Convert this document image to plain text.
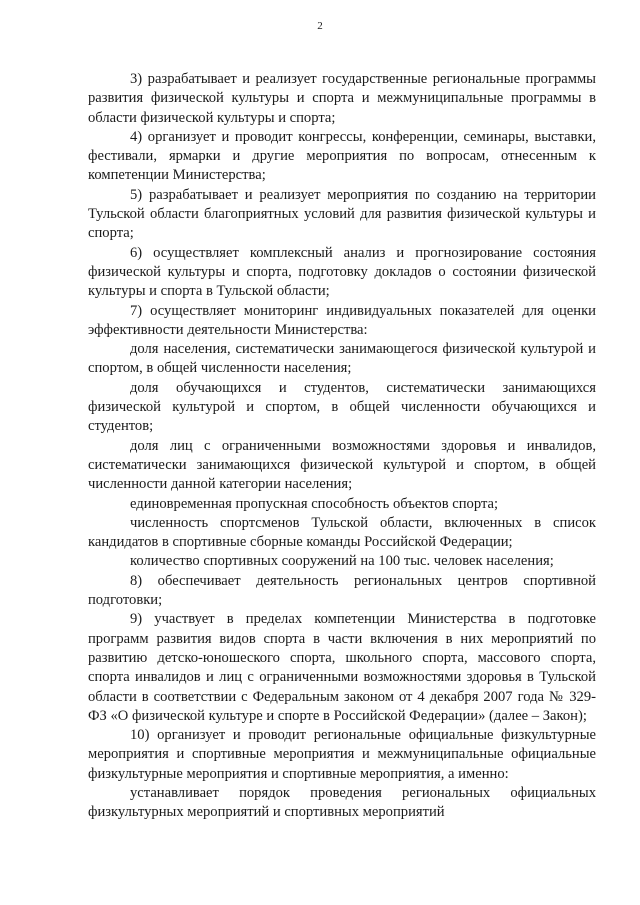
2

3) разрабатывает и реализует государственные региональные программы развития физической культуры и спорта и межмуниципальные программы в области физической культуры и спорта;

4) организует и проводит конгрессы, конференции, семинары, выставки, фестивали, ярмарки и другие мероприятия по вопросам, отнесенным к компетенции Министерства;

5) разрабатывает и реализует мероприятия по созданию на территории Тульской области благоприятных условий для развития физической культуры и спорта;

6) осуществляет комплексный анализ и прогнозирование состояния физической культуры и спорта, подготовку докладов о состоянии физической культуры и спорта в Тульской области;

7) осуществляет мониторинг индивидуальных показателей для оценки эффективности деятельности Министерства:

доля населения, систематически занимающегося физической культурой и спортом, в общей численности населения;

доля обучающихся и студентов, систематически занимающихся физической культурой и спортом, в общей численности обучающихся и студентов;

доля лиц с ограниченными возможностями здоровья и инвалидов, систематически занимающихся физической культурой и спортом, в общей численности данной категории населения;

единовременная пропускная способность объектов спорта;

численность спортсменов Тульской области, включенных в список кандидатов в спортивные сборные команды Российской Федерации;

количество спортивных сооружений на 100 тыс. человек населения;

8) обеспечивает деятельность региональных центров спортивной подготовки;

9) участвует в пределах компетенции Министерства в подготовке программ развития видов спорта в части включения в них мероприятий по развитию детско-юношеского спорта, школьного спорта, массового спорта, спорта инвалидов и лиц с ограниченными возможностями здоровья в Тульской области в соответствии с Федеральным законом от 4 декабря 2007 года № 329-ФЗ «О физической культуре и спорте в Российской Федерации» (далее – Закон);

10) организует и проводит региональные официальные физкультурные мероприятия и спортивные мероприятия и межмуниципальные официальные физкультурные мероприятия и спортивные мероприятия, а именно:

устанавливает порядок проведения региональных официальных физкультурных мероприятий и спортивных мероприятий
